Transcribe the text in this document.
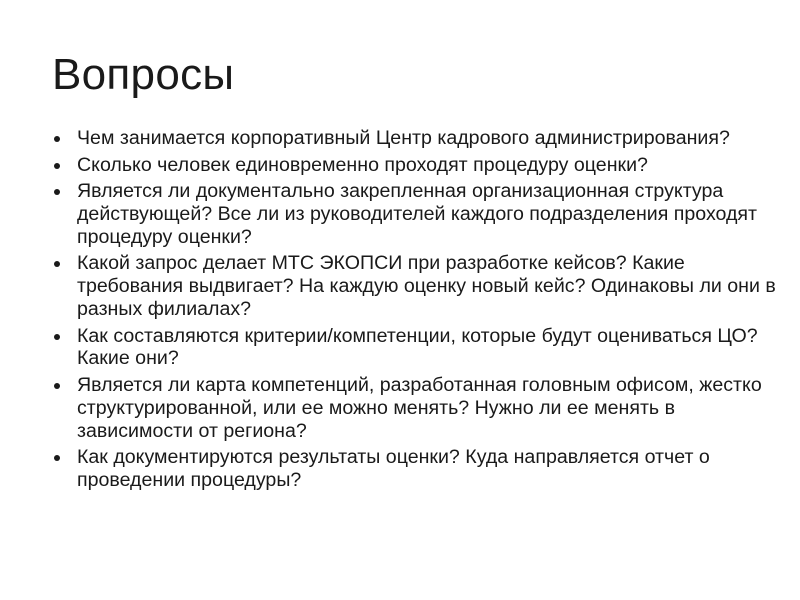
Вопросы
Чем занимается корпоративный Центр кадрового администрирования?
Сколько человек единовременно проходят процедуру оценки?
Является ли документально закрепленная организационная структура действующей? Все ли из руководителей каждого подразделения проходят процедуру оценки?
Какой запрос делает МТС ЭКОПСИ при разработке кейсов? Какие требования выдвигает? На каждую оценку новый кейс? Одинаковы ли они в разных филиалах?
Как составляются критерии/компетенции, которые будут оцениваться ЦО? Какие они?
Является ли карта компетенций, разработанная головным офисом, жестко структурированной, или ее можно менять? Нужно ли ее менять в зависимости от региона?
Как документируются результаты оценки? Куда направляется отчет о проведении процедуры?
